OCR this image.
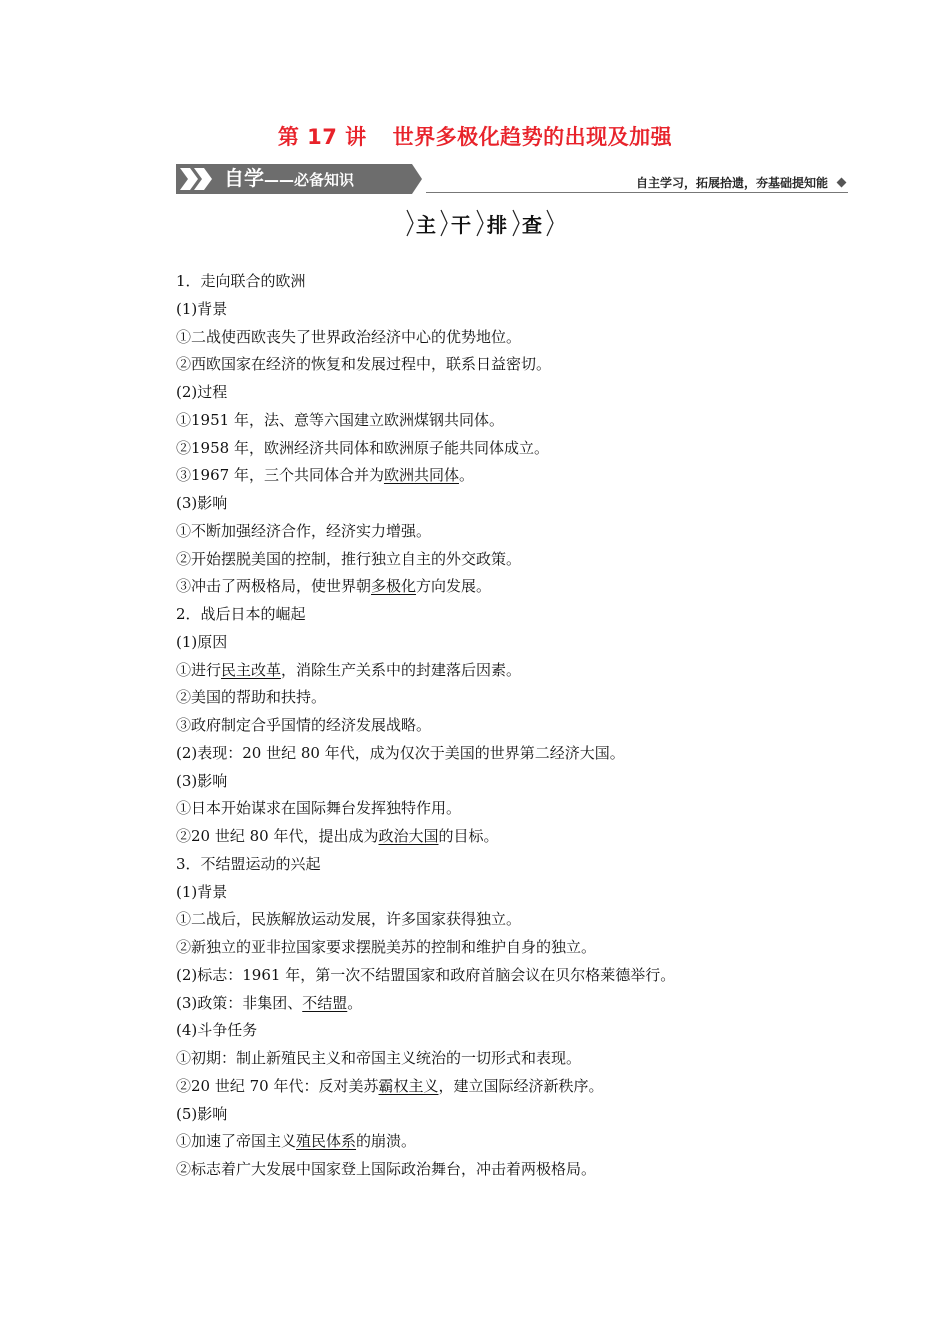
第 17 讲 世界多极化趋势的出现及加强
自学——必备知识	自主学习，拓展拾遗，夯基础提知能
主 干 排 查
1．走向联合的欧洲
(1)背景
①二战使西欧丧失了世界政治经济中心的优势地位。
②西欧国家在经济的恢复和发展过程中，联系日益密切。
(2)过程
①1951 年，法、意等六国建立欧洲煤钢共同体。
②1958 年，欧洲经济共同体和欧洲原子能共同体成立。
③1967 年，三个共同体合并为欧洲共同体。
(3)影响
①不断加强经济合作，经济实力增强。
②开始摆脱美国的控制，推行独立自主的外交政策。
③冲击了两极格局，使世界朝多极化方向发展。
2．战后日本的崛起
(1)原因
①进行民主改革，消除生产关系中的封建落后因素。
②美国的帮助和扶持。
③政府制定合乎国情的经济发展战略。
(2)表现：20 世纪 80 年代，成为仅次于美国的世界第二经济大国。
(3)影响
①日本开始谋求在国际舞台发挥独特作用。
②20 世纪 80 年代，提出成为政治大国的目标。
3．不结盟运动的兴起
(1)背景
①二战后，民族解放运动发展，许多国家获得独立。
②新独立的亚非拉国家要求摆脱美苏的控制和维护自身的独立。
(2)标志：1961 年，第一次不结盟国家和政府首脑会议在贝尔格莱德举行。
(3)政策：非集团、不结盟。
(4)斗争任务
①初期：制止新殖民主义和帝国主义统治的一切形式和表现。
②20 世纪 70 年代：反对美苏霸权主义，建立国际经济新秩序。
(5)影响
①加速了帝国主义殖民体系的崩溃。
②标志着广大发展中国家登上国际政治舞台，冲击着两极格局。
